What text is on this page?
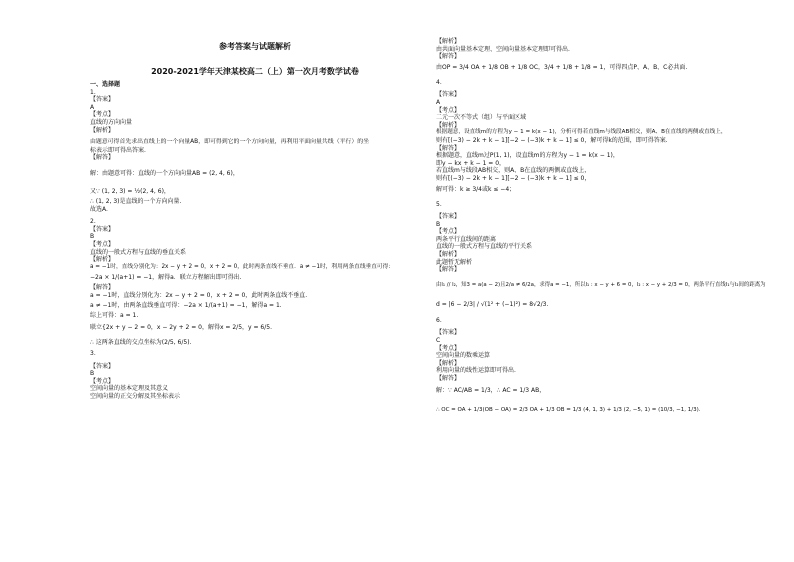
参考答案与试题解析
2020-2021学年天津某校高二（上）第一次月考数学试卷
一、选择题
1.
【答案】
A
【考点】
直线的方向向量
【解析】
由题意可得首先求出直线上的一个向量AB，即可得到它的一个方向向量，再利用平面向量共线（平行）的坐
标表示即可得出答案.
【解答】
解：由题意可得：直线的一个方向向量AB = (2, 4, 6)，
又∵ (1, 2, 3) = ½(2, 4, 6)，
∴ (1, 2, 3)是直线的一个方向向量.
故选A.
2.
【答案】
B
【考点】
直线的一般式方程与直线的垂直关系
【解析】
a = −1时，直线分别化为：2x − y + 2 = 0，x + 2 = 0，此时两条直线不垂直．a ≠ −1时，利用两条直线垂直可得：
−2a × 1/(a+1) = −1，解得a．联立方程解出即可得出.
【解答】
a = −1时，直线分别化为：2x − y + 2 = 0，x + 2 = 0，此时两条直线不垂直.
a ≠ −1时，由两条直线垂直可得：−2a × 1/(a+1) = −1，解得a = 1.
综上可得：a = 1.
联立{2x + y − 2 = 0，x − 2y + 2 = 0，解得x = 2/5，y = 6/5.
∴ 这两条直线的交点坐标为(2/5, 6/5).
3.
【答案】
B
【考点】
空间向量的基本定理及其意义
空间向量的正交分解及其坐标表示
【解析】
由共面向量基本定理、空间向量基本定理即可得出.
【解答】
由OP = 3/4 OA + 1/8 OB + 1/8 OC，3/4 + 1/8 + 1/8 = 1，可得四点P、A、B、C必共面.
4.
【答案】
A
【考点】
二元一次不等式（组）与平面区域
【解析】
根据题意，设直线m的方程为y − 1 = k(x − 1)，分析可得若直线m与线段AB相交，则A、B在直线的两侧或直线上，
则有[(−3) − 2k + k − 1][−2 − (−3)k + k − 1] ≤ 0，解可得k的范围，即可得答案.
【解答】
根据题意，直线m过P(1, 1)，设直线m的方程为y − 1 = k(x − 1)，
即y − kx + k − 1 = 0，
若直线m与线段AB相交，则A、B在直线的两侧或直线上，
则有[(−3) − 2k + k − 1][−2 − (−3)k + k − 1] ≤ 0，
解可得：k ≥ 3/4或k ≤ −4；
5.
【答案】
B
【考点】
两条平行直线间的距离
直线的一般式方程与直线的平行关系
【解析】
此题暂无解析
【解答】
由l₁ // l₂，知3 = a(a − 2)且2/a ≠ 6/2a，求得a = −1，所以l₁ : x − y + 6 = 0，l₂ : x − y + 2/3 = 0，两条平行直线l₁与l₂间的距离为
d = |6 − 2/3| / √(1² + (−1)²) = 8√2/3.
6.
【答案】
C
【考点】
空间向量的数乘运算
【解析】
利用向量的线性运算即可得出.
【解答】
解：∵ AC/AB = 1/3，∴ AC = 1/3 AB，
∴ OC = OA + 1/3(OB − OA) = 2/3 OA + 1/3 OB = 1/3 (4, 1, 3) + 1/3 (2, −5, 1) = (10/3, −1, 1/3).
